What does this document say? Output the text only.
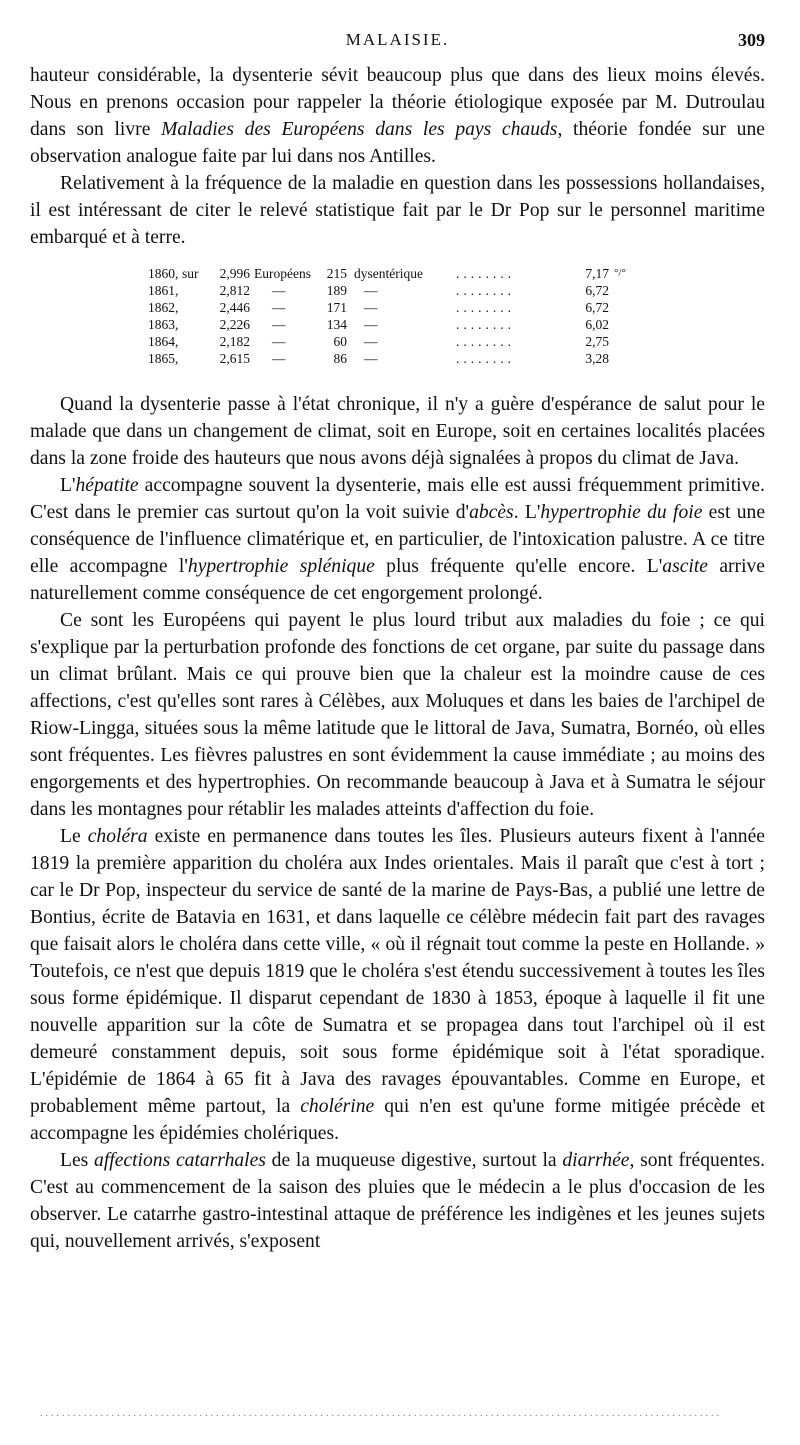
MALAISIE.	309

hauteur considérable, la dysenterie sévit beaucoup plus que dans des lieux moins élevés. Nous en prenons occasion pour rappeler la théorie étiologique exposée par M. Dutroulau dans son livre Maladies des Européens dans les pays chauds, théorie fondée sur une observation analogue faite par lui dans nos Antilles.

Relativement à la fréquence de la maladie en question dans les possessions hollandaises, il est intéressant de citer le relevé statistique fait par le Dr Pop sur le personnel maritime embarqué et à terre.

1860, sur	2,996 Européens	215 dysentérique ........	7,17 °/°
1861,	2,812 —	189 —	........	6,72
1862,	2,446 —	171 —	........	6,72
1863,	2,226 —	134 —	........	6,02
1864,	2,182 —	60 —	........	2,75
1865,	2,615 —	86 —	........	3,28

Quand la dysenterie passe à l'état chronique, il n'y a guère d'espérance de salut pour le malade que dans un changement de climat, soit en Europe, soit en certaines localités placées dans la zone froide des hauteurs que nous avons déjà signalées à propos du climat de Java.

L'hépatite accompagne souvent la dysenterie, mais elle est aussi fréquemment primitive. C'est dans le premier cas surtout qu'on la voit suivie d'abcès. L'hypertrophie du foie est une conséquence de l'influence climatérique et, en particulier, de l'intoxication palustre. A ce titre elle accompagne l'hypertrophie splénique plus fréquente qu'elle encore. L'ascite arrive naturellement comme conséquence de cet engorgement prolongé.

Ce sont les Européens qui payent le plus lourd tribut aux maladies du foie ; ce qui s'explique par la perturbation profonde des fonctions de cet organe, par suite du passage dans un climat brûlant. Mais ce qui prouve bien que la chaleur est la moindre cause de ces affections, c'est qu'elles sont rares à Célèbes, aux Moluques et dans les baies de l'archipel de Riow-Lingga, situées sous la même latitude que le littoral de Java, Sumatra, Bornéo, où elles sont fréquentes. Les fièvres palustres en sont évidemment la cause immédiate ; au moins des engorgements et des hypertrophies. On recommande beaucoup à Java et à Sumatra le séjour dans les montagnes pour rétablir les malades atteints d'affection du foie.

Le choléra existe en permanence dans toutes les îles. Plusieurs auteurs fixent à l'année 1819 la première apparition du choléra aux Indes orientales. Mais il paraît que c'est à tort ; car le Dr Pop, inspecteur du service de santé de la marine de Pays-Bas, a publié une lettre de Bontius, écrite de Batavia en 1631, et dans laquelle ce célèbre médecin fait part des ravages que faisait alors le choléra dans cette ville, « où il régnait tout comme la peste en Hollande. » Toutefois, ce n'est que depuis 1819 que le choléra s'est étendu successivement à toutes les îles sous forme épidémique. Il disparut cependant de 1830 à 1853, époque à laquelle il fit une nouvelle apparition sur la côte de Sumatra et se propagea dans tout l'archipel où il est demeuré constamment depuis, soit sous forme épidémique soit à l'état sporadique. L'épidémie de 1864 à 65 fit à Java des ravages épouvantables. Comme en Europe, et probablement même partout, la cholérine qui n'en est qu'une forme mitigée précède et accompagne les épidémies cholériques.

Les affections catarrhales de la muqueuse digestive, surtout la diarrhée, sont fréquentes. C'est au commencement de la saison des pluies que le médecin a le plus d'occasion de les observer. Le catarrhe gastro-intestinal attaque de préférence les indigènes et les jeunes sujets qui, nouvellement arrivés, s'exposent

............................................................................................................................
